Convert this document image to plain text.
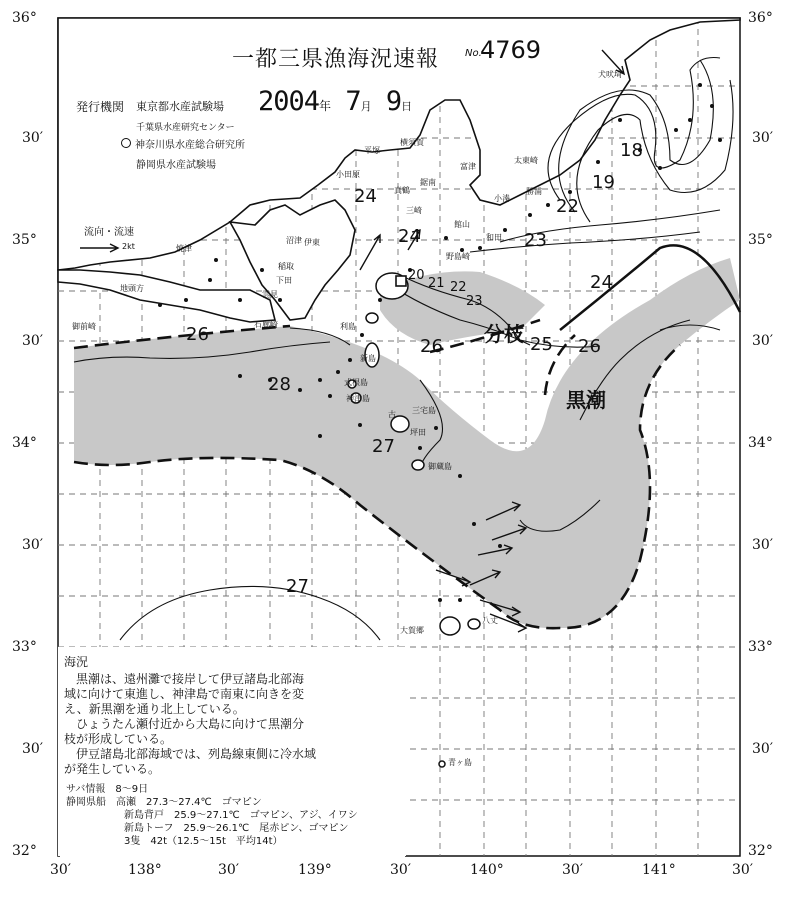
一都三県漁海況速報	No.
4769
発行機関	2004年 7月 9日
東京都水産試験場
千葉県水産研究センター
神奈川県水産総合研究所
静岡県水産試験場
流向・流速
2kt
36°
30′
35°
30′
34°
30′
33°
30′
32°
36°
30′
35°
30′
34°
30′
33°
30′
32°
30′	138°	30′	139°	30′	140°	30′	141°	30′
犬吠埼
太東崎
勝浦
小湊
和田
野島崎
館山
富津
鋸南
三崎
平塚
横須賀
小田原
真鶴
伊東
稲取
下田
雲見
石廊崎
沼津
焼津
地頭方
御前崎	利島
新島
式根島
神津島
三宅島
坪田
御蔵島
大賀郷
八丈
青ヶ島
古
18
19
22
23
24
24
24
20
21 22
23
25 26
26
26
28
27
27
分枝
黒潮
海況
　黒潮は、遠州灘で接岸して伊豆諸島北部海
域に向けて東進し、神津島で南東に向きを変
え、新黒潮を通り北上している。
　ひょうたん瀬付近から大島に向けて黒潮分
枝が形成している。
　伊豆諸島北部海域では、列島線東側に冷水域
が発生している。
サバ情報　 8～9日
静岡県船　 高瀬　 27.3～27.4℃　 ゴマピン
新島背戸　 25.9～27.1℃　 ゴマピン、アジ、イワシ
新島トーフ　 25.9～26.1℃　 尾赤ピン、ゴマピン
3隻　42t（12.5～15t　平均14t）
